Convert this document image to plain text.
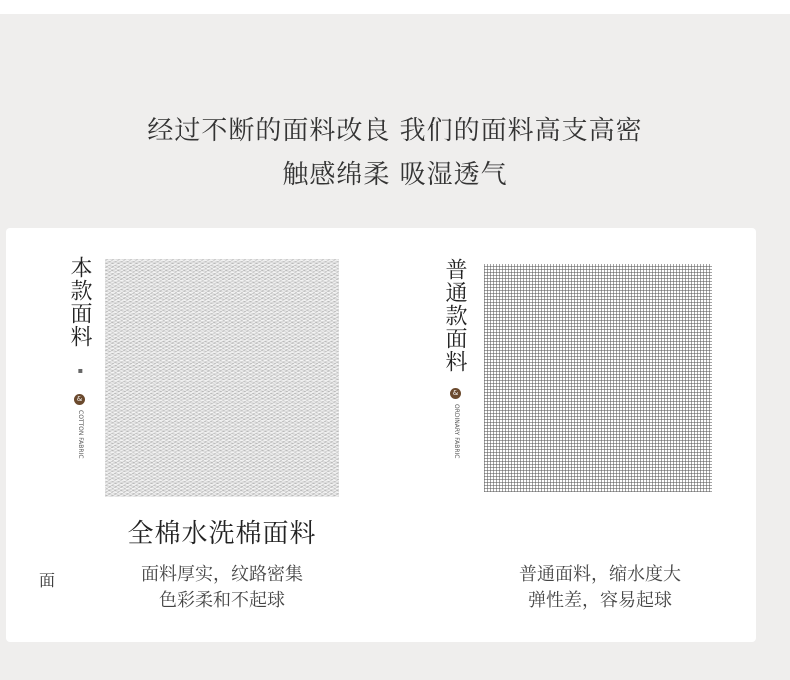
经过不断的面料改良 我们的面料高支高密
触感绵柔 吸湿透气
本款面料
▪
&
COTTON FABRIC
全棉水洗棉面料
面料厚实，纹路密集
色彩柔和不起球
面
普通款面料
&
ORDINARY FABRIC
普通面料，缩水度大
弹性差，容易起球
